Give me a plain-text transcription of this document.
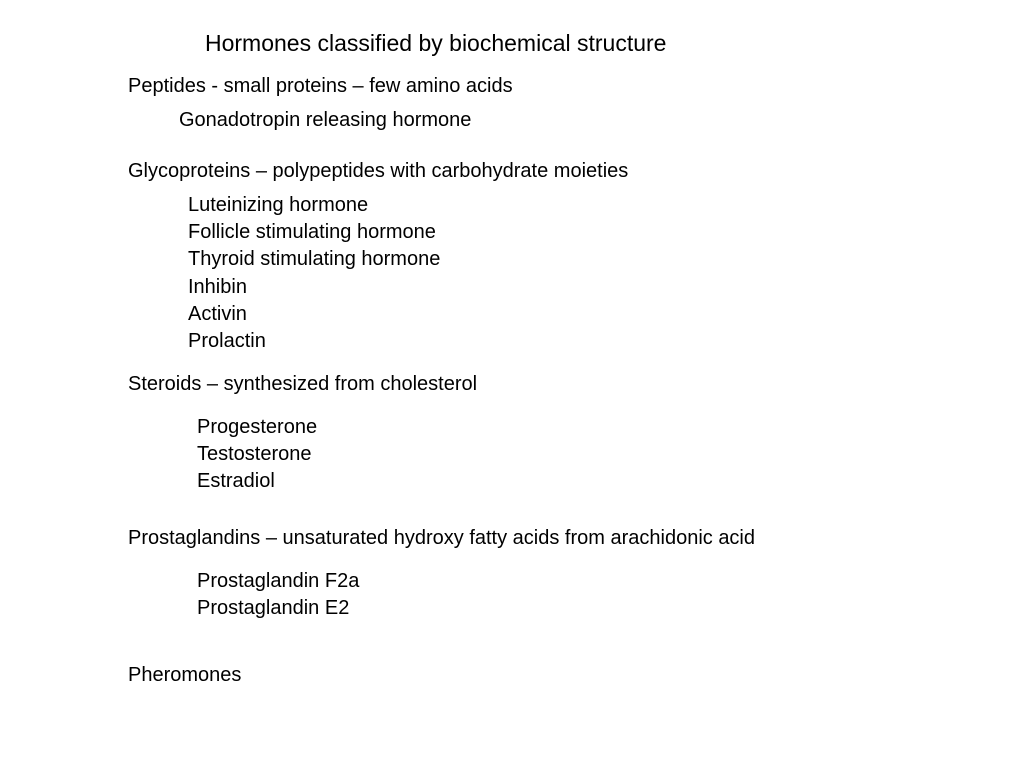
Hormones classified by biochemical structure
Peptides - small proteins – few amino acids
Gonadotropin releasing hormone
Glycoproteins – polypeptides with carbohydrate moieties
Luteinizing hormone
Follicle stimulating hormone
Thyroid stimulating hormone
Inhibin
Activin
Prolactin
Steroids – synthesized from cholesterol
Progesterone
Testosterone
Estradiol
Prostaglandins – unsaturated hydroxy fatty acids from arachidonic acid
Prostaglandin F2a
Prostaglandin E2
Pheromones
